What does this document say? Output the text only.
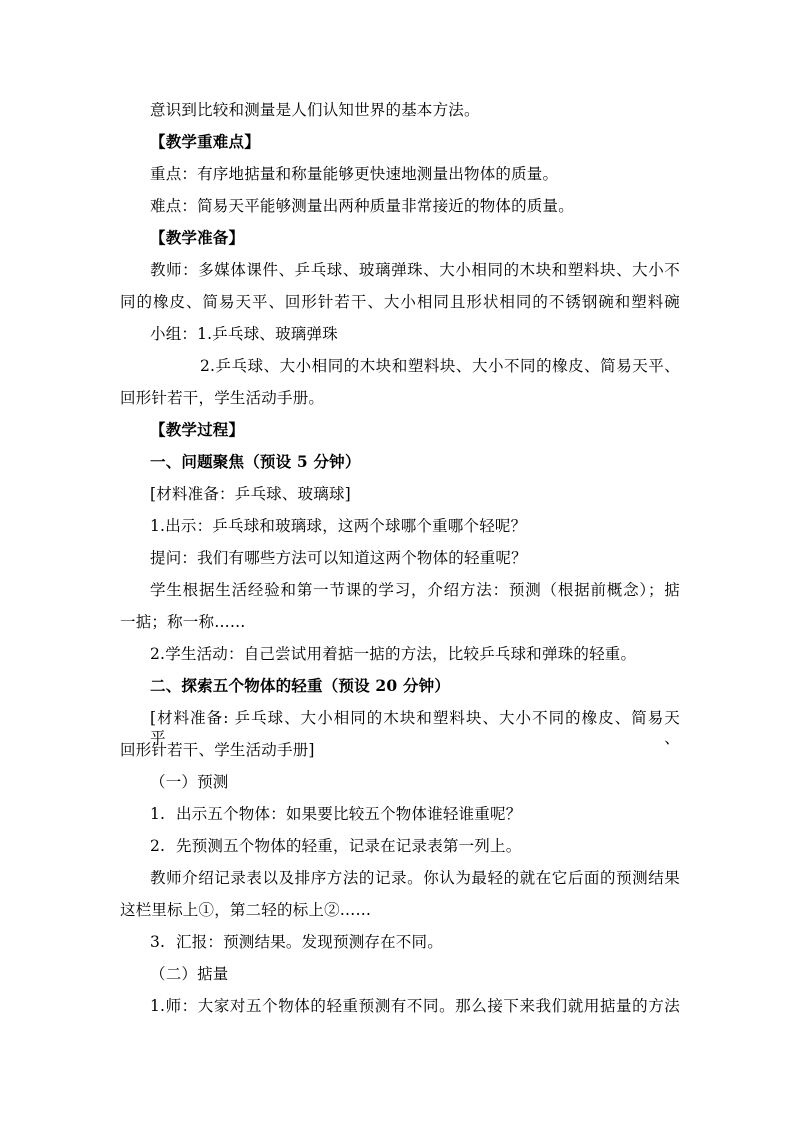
意识到比较和测量是人们认知世界的基本方法。
【教学重难点】
重点：有序地掂量和称量能够更快速地测量出物体的质量。
难点：简易天平能够测量出两种质量非常接近的物体的质量。
【教学准备】
教师：多媒体课件、乒乓球、玻璃弹珠、大小相同的木块和塑料块、大小不
同的橡皮、简易天平、回形针若干、大小相同且形状相同的不锈钢碗和塑料碗
小组：1.乒乓球、玻璃弹珠
2.乒乓球、大小相同的木块和塑料块、大小不同的橡皮、简易天平、
回形针若干，学生活动手册。
【教学过程】
一、问题聚焦（预设 5 分钟）
[材料准备：乒乓球、玻璃球]
1.出示：乒乓球和玻璃球，这两个球哪个重哪个轻呢？
提问：我们有哪些方法可以知道这两个物体的轻重呢？
学生根据生活经验和第一节课的学习，介绍方法：预测（根据前概念）；掂
一掂；称一称……
2.学生活动：自己尝试用着掂一掂的方法，比较乒乓球和弹珠的轻重。
二、探索五个物体的轻重（预设 20 分钟）
[材料准备: 乒乓球、大小相同的木块和塑料块、大小不同的橡皮、简易天平、
回形针若干、学生活动手册]
（一）预测
1. 出示五个物体：如果要比较五个物体谁轻谁重呢？
2. 先预测五个物体的轻重，记录在记录表第一列上。
教师介绍记录表以及排序方法的记录。你认为最轻的就在它后面的预测结果
这栏里标上①，第二轻的标上②……
3. 汇报：预测结果。发现预测存在不同。
（二）掂量
1.师：大家对五个物体的轻重预测有不同。那么接下来我们就用掂量的方法
